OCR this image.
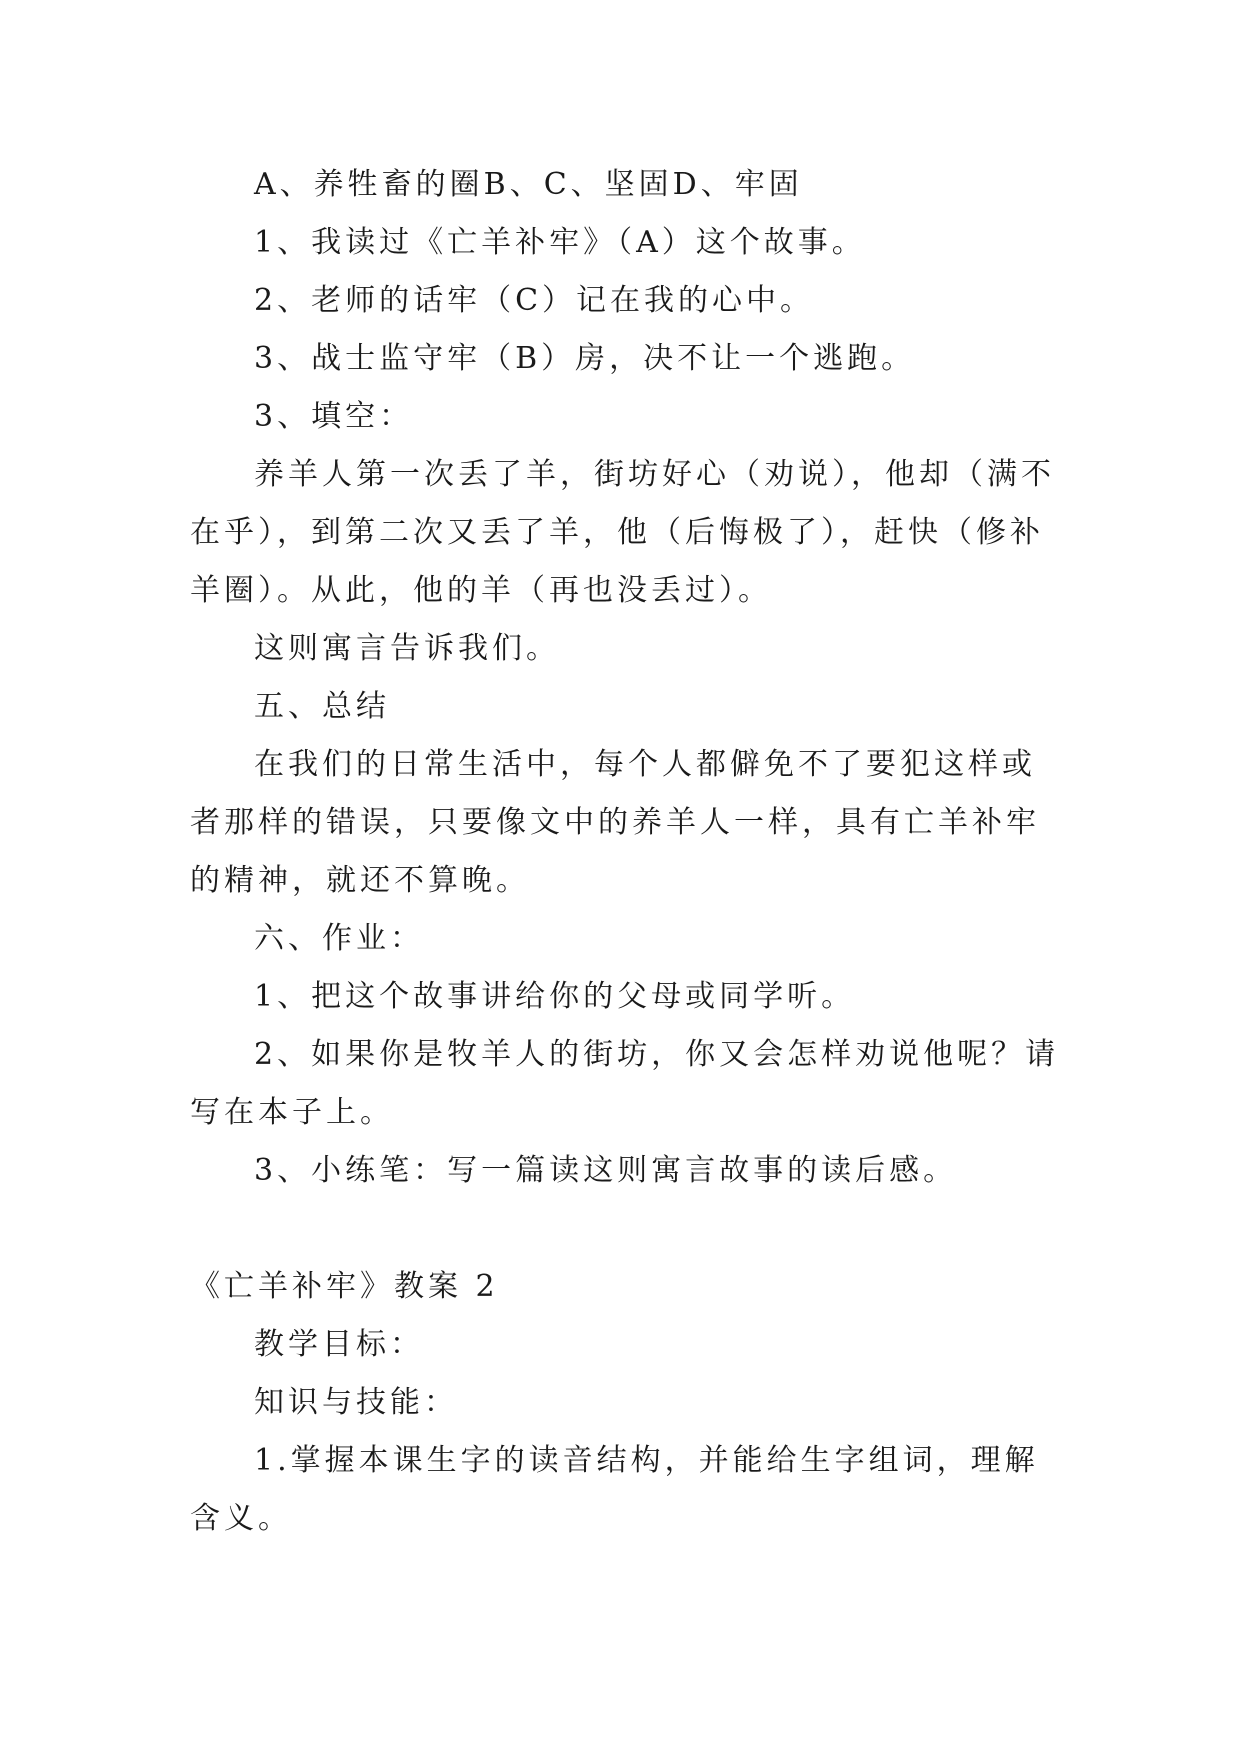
A、养牲畜的圈B、C、坚固D、牢固

1、我读过《亡羊补牢》（A）这个故事。

2、老师的话牢（C）记在我的心中。

3、战士监守牢（B）房，决不让一个逃跑。

3、填空：

养羊人第一次丢了羊，街坊好心（劝说），他却（满不在乎），到第二次又丢了羊，他（后悔极了），赶快（修补羊圈）。从此，他的羊（再也没丢过）。

这则寓言告诉我们。

五、总结

在我们的日常生活中，每个人都僻免不了要犯这样或者那样的错误，只要像文中的养羊人一样，具有亡羊补牢的精神，就还不算晚。

六、作业：

1、把这个故事讲给你的父母或同学听。

2、如果你是牧羊人的街坊，你又会怎样劝说他呢？请写在本子上。

3、小练笔：写一篇读这则寓言故事的读后感。

《亡羊补牢》教案 2

教学目标：

知识与技能：

1.掌握本课生字的读音结构，并能给生字组词，理解含义。
